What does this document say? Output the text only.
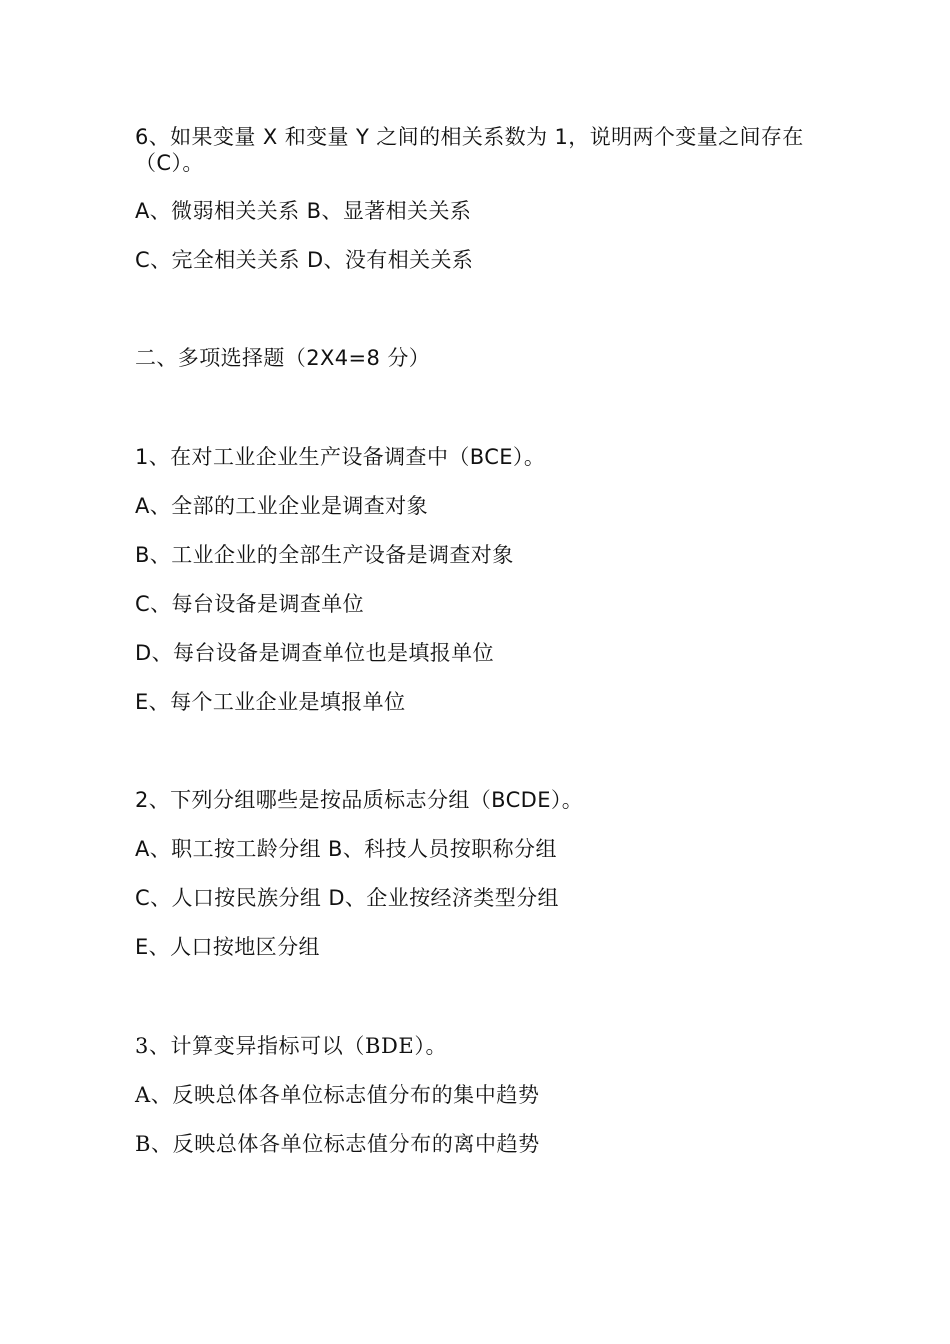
6、如果变量 X 和变量 Y 之间的相关系数为 1，说明两个变量之间存在
（C）。
A、微弱相关关系 B、显著相关关系
C、完全相关关系 D、没有相关关系
二、多项选择题（2X4=8 分）
1、在对工业企业生产设备调查中（BCE）。
A、全部的工业企业是调查对象
B、工业企业的全部生产设备是调查对象
C、每台设备是调查单位
D、每台设备是调查单位也是填报单位
E、每个工业企业是填报单位
2、下列分组哪些是按品质标志分组（BCDE）。
A、职工按工龄分组 B、科技人员按职称分组
C、人口按民族分组 D、企业按经济类型分组
E、人口按地区分组
3、计算变异指标可以（BDE）。
A、反映总体各单位标志值分布的集中趋势
B、反映总体各单位标志值分布的离中趋势
